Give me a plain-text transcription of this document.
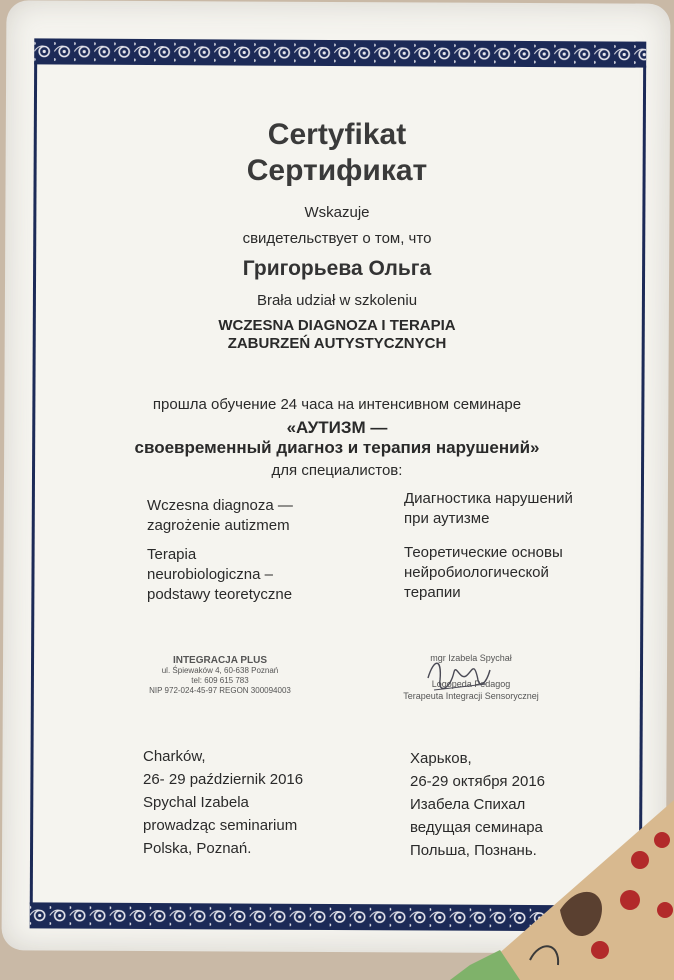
Certyfikat
Сертификат
Wskazuje
свидетельствует о том, что
Григорьева Ольга
Brała udział w szkoleniu
WCZESNA DIAGNOZA I TERAPIA
ZABURZEŃ AUTYSTYCZNYCH
прошла обучение 24 часа на интенсивном семинаре
«АУТИЗМ —
своевременный диагноз и терапия нарушений»
для специалистов:
Wczesna diagnoza —
zagrożenie autizmem
Диагностика нарушений
при аутизме
Terapia
neurobiologiczna –
podstawy teoretyczne
Теоретические основы
нейробиологической
терапии
INTEGRACJA PLUS
ul. Śpiewaków 4, 60-638 Poznań
tel: 609 615 783
NIP 972-024-45-97 REGON 300094003
mgr Izabela Spychał
Logopeda Pedagog
Terapeuta Integracji Sensorycznej
Charków,
26- 29 październik 2016
Spychal Izabela
prowadząc seminarium
Polska, Poznań.
Харьков,
26-29 октября 2016
Изабела Спихал
ведущая семинара
Польша, Познань.
